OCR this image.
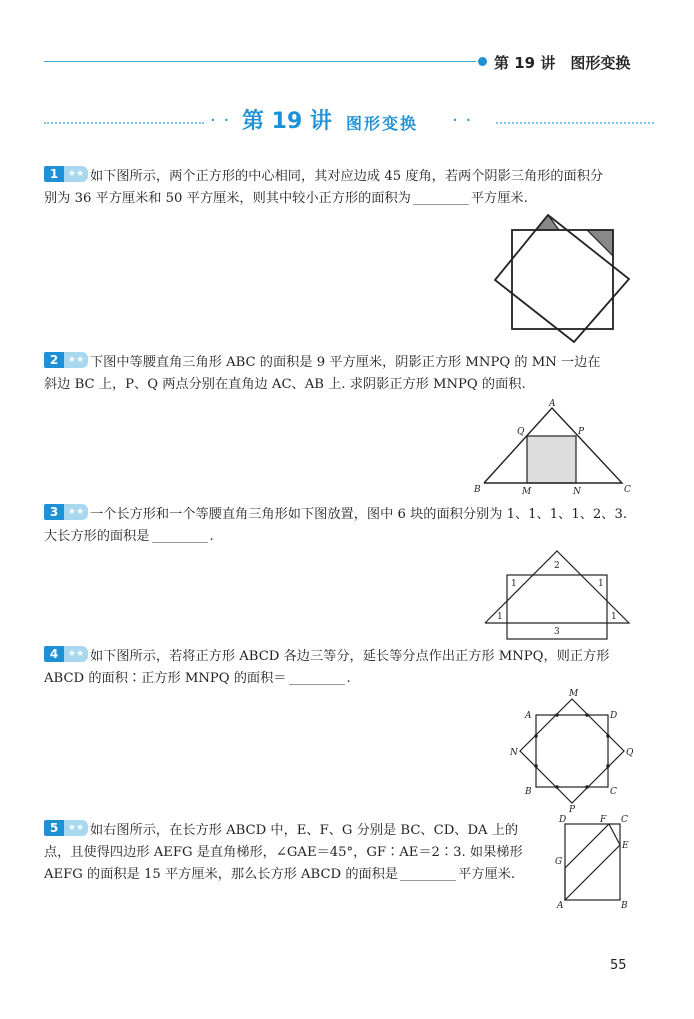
第 19 讲　图形变换
· · 第 19 讲 图形变换 · ·
1	★★ 如下图所示，两个正方形的中心相同，其对应边成 45 度角，若两个阴影三角形的面积分
别为 36 平方厘米和 50 平方厘米，则其中较小正方形的面积为	平方厘米.
2	★★ 下图中等腰直角三角形 ABC 的面积是 9 平方厘米，阴影正方形 MNPQ 的 MN 一边在
斜边 BC 上，P、Q 两点分别在直角边 AC、AB 上. 求阴影正方形 MNPQ 的面积.
A
B	C
M	N
P
Q
3	★★ 一个长方形和一个等腰直角三角形如下图放置，图中 6 块的面积分别为 1、1、1、1、2、3.
大长方形的面积是	.
2
1	1
1	1
3
4	★★ 如下图所示，若将正方形 ABCD 各边三等分，延长等分点作出正方形 MNPQ，则正方形
ABCD 的面积∶正方形 MNPQ 的面积＝	.
M
A	D
N	Q
B	C
P
5	★★ 如右图所示，在长方形 ABCD 中，E、F、G 分别是 BC、CD、DA 上的
点，且使得四边形 AEFG 是直角梯形，∠GAE＝45°，GF∶AE＝2∶3. 如果梯形
AEFG 的面积是 15 平方厘米，那么长方形 ABCD 的面积是	平方厘米.
D	F C
E
G
A	B
55
